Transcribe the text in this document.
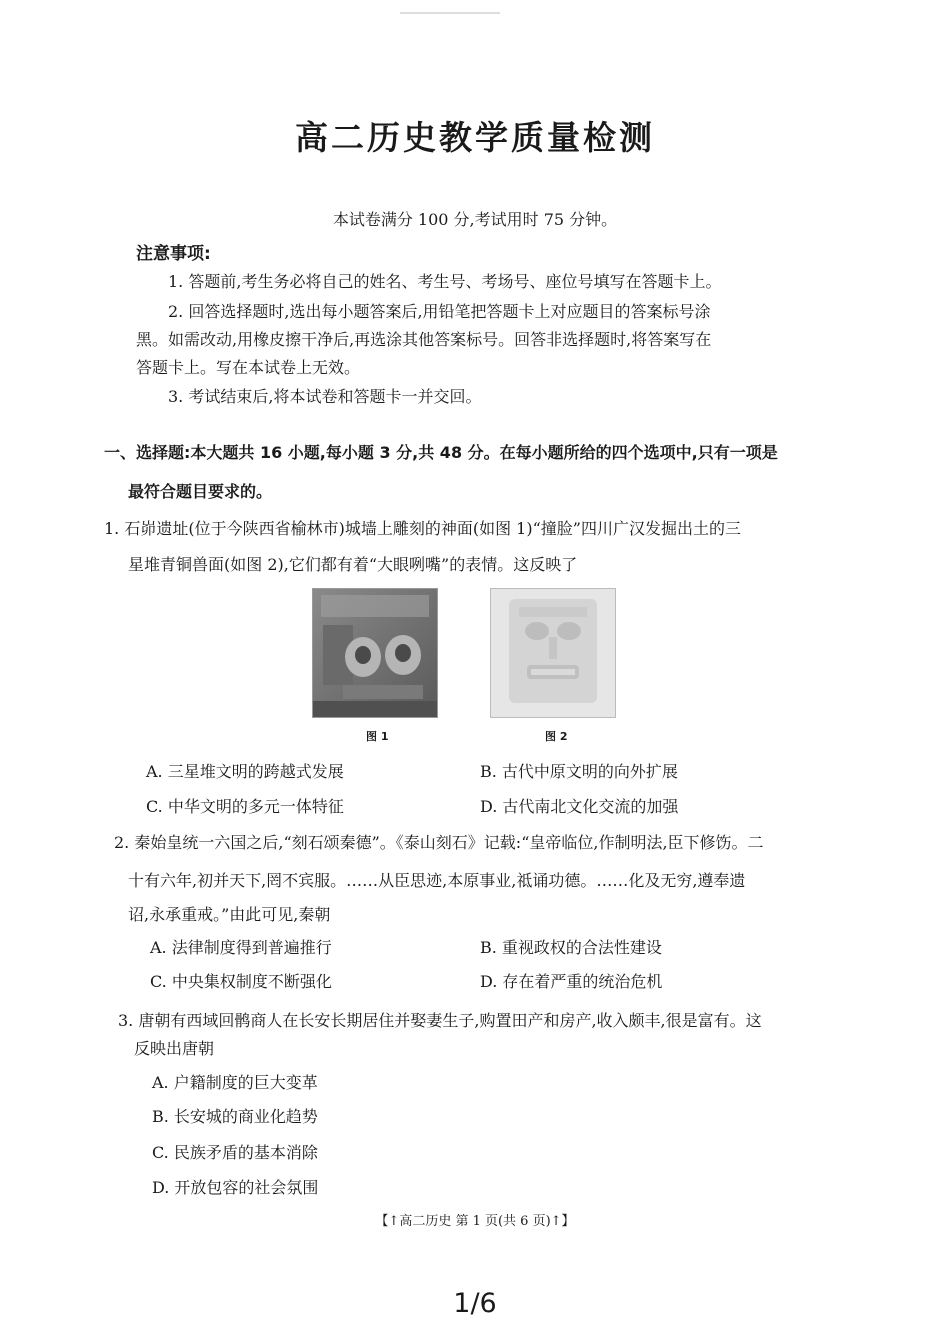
高二历史教学质量检测
本试卷满分 100 分,考试用时 75 分钟。
注意事项:
1. 答题前,考生务必将自己的姓名、考生号、考场号、座位号填写在答题卡上。
2. 回答选择题时,选出每小题答案后,用铅笔把答题卡上对应题目的答案标号涂
黑。如需改动,用橡皮擦干净后,再选涂其他答案标号。回答非选择题时,将答案写在
答题卡上。写在本试卷上无效。
3. 考试结束后,将本试卷和答题卡一并交回。
一、选择题:本大题共 16 小题,每小题 3 分,共 48 分。在每小题所给的四个选项中,只有一项是
最符合题目要求的。
1. 石峁遗址(位于今陕西省榆林市)城墙上雕刻的神面(如图 1)“撞脸”四川广汉发掘出土的三
星堆青铜兽面(如图 2),它们都有着“大眼咧嘴”的表情。这反映了
图 1	图 2
A. 三星堆文明的跨越式发展	B. 古代中原文明的向外扩展
C. 中华文明的多元一体特征	D. 古代南北文化交流的加强
2. 秦始皇统一六国之后,“刻石颂秦德”。《泰山刻石》记载:“皇帝临位,作制明法,臣下修饬。二
十有六年,初并天下,罔不宾服。……从臣思迹,本原事业,祗诵功德。……化及无穷,遵奉遗
诏,永承重戒。”由此可见,秦朝
A. 法律制度得到普遍推行	B. 重视政权的合法性建设
C. 中央集权制度不断强化	D. 存在着严重的统治危机
3. 唐朝有西域回鹘商人在长安长期居住并娶妻生子,购置田产和房产,收入颇丰,很是富有。这
反映出唐朝
A. 户籍制度的巨大变革
B. 长安城的商业化趋势
C. 民族矛盾的基本消除
D. 开放包容的社会氛围
【↑高二历史 第 1 页(共 6 页)↑】
1/6
